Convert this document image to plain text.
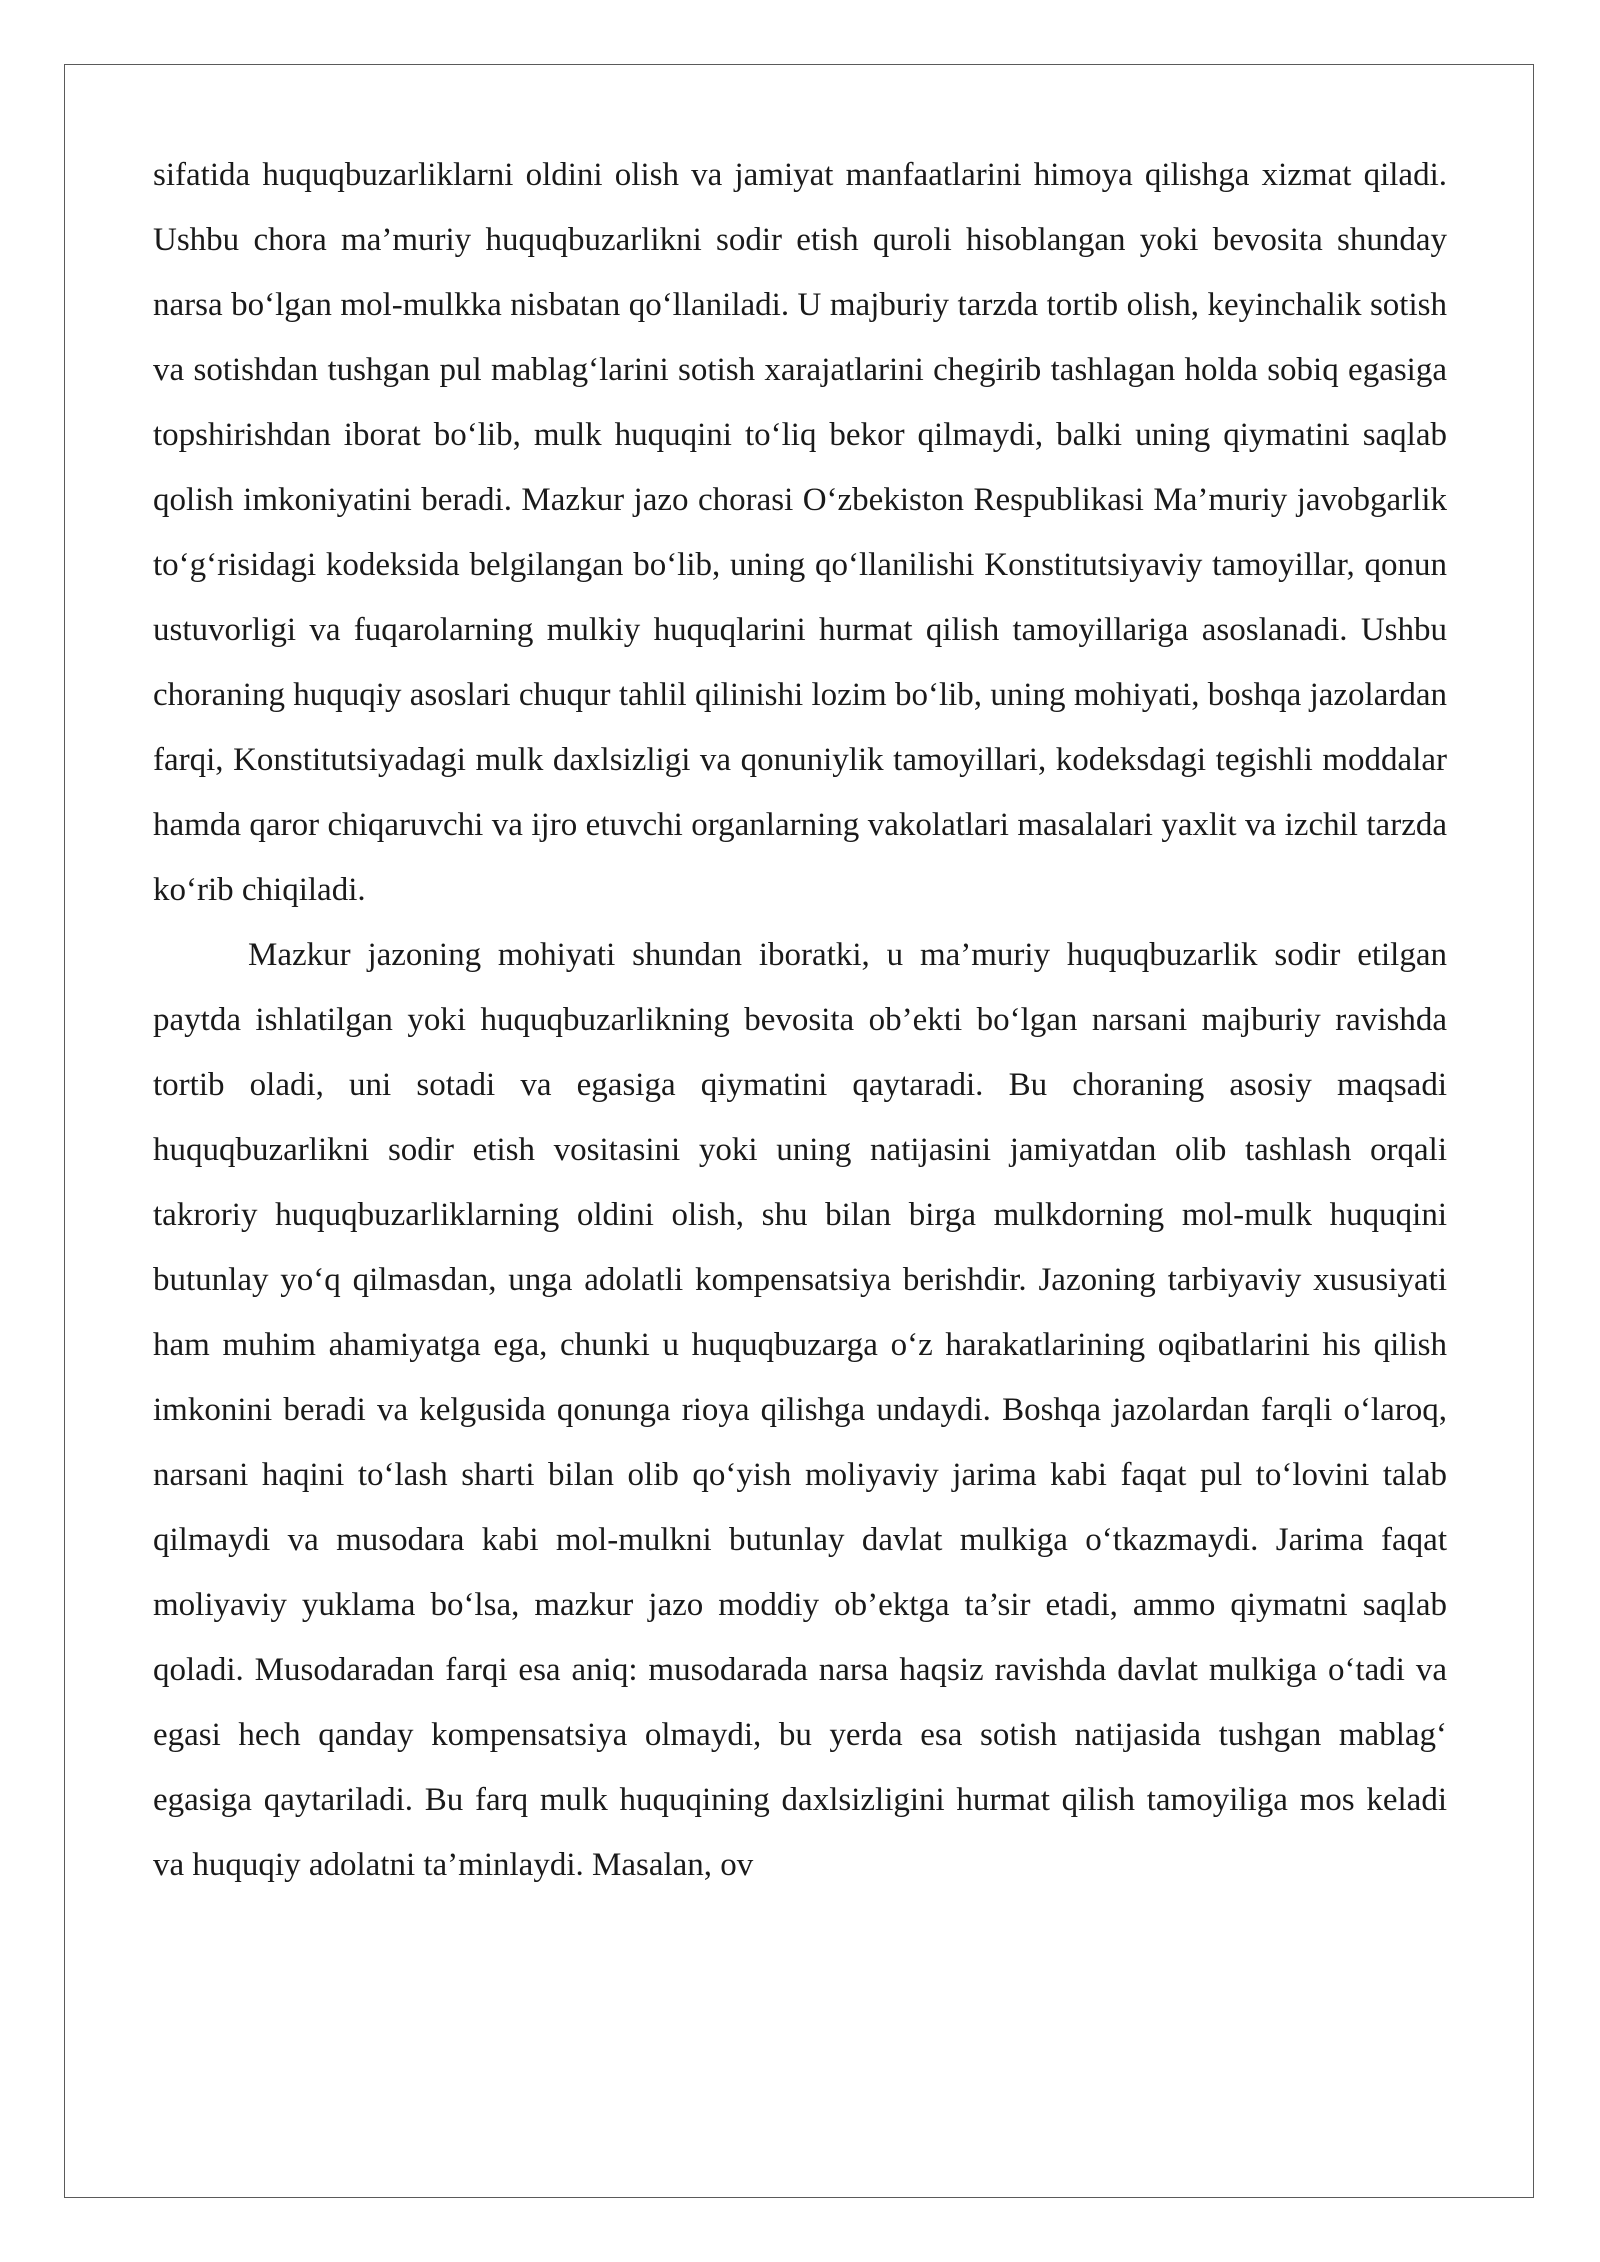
sifatida huquqbuzarliklarni oldini olish va jamiyat manfaatlarini himoya qilishga xizmat qiladi. Ushbu chora ma’muriy huquqbuzarlikni sodir etish quroli hisoblangan yoki bevosita shunday narsa bo‘lgan mol-mulkka nisbatan qo‘llaniladi. U majburiy tarzda tortib olish, keyinchalik sotish va sotishdan tushgan pul mablag‘larini sotish xarajatlarini chegirib tashlagan holda sobiq egasiga topshirishdan iborat bo‘lib, mulk huquqini to‘liq bekor qilmaydi, balki uning qiymatini saqlab qolish imkoniyatini beradi. Mazkur jazo chorasi O‘zbekiston Respublikasi Ma’muriy javobgarlik to‘g‘risidagi kodeksida belgilangan bo‘lib, uning qo‘llanilishi Konstitutsiyaviy tamoyillar, qonun ustuvorligi va fuqarolarning mulkiy huquqlarini hurmat qilish tamoyillariga asoslanadi. Ushbu choraning huquqiy asoslari chuqur tahlil qilinishi lozim bo‘lib, uning mohiyati, boshqa jazolardan farqi, Konstitutsiyadagi mulk daxlsizligi va qonuniylik tamoyillari, kodeksdagi tegishli moddalar hamda qaror chiqaruvchi va ijro etuvchi organlarning vakolatlari masalalari yaxlit va izchil tarzda ko‘rib chiqiladi.

Mazkur jazoning mohiyati shundan iboratki, u ma’muriy huquqbuzarlik sodir etilgan paytda ishlatilgan yoki huquqbuzarlikning bevosita ob’ekti bo‘lgan narsani majburiy ravishda tortib oladi, uni sotadi va egasiga qiymatini qaytaradi. Bu choraning asosiy maqsadi huquqbuzarlikni sodir etish vositasini yoki uning natijasini jamiyatdan olib tashlash orqali takroriy huquqbuzarliklarning oldini olish, shu bilan birga mulkdorning mol-mulk huquqini butunlay yo‘q qilmasdan, unga adolatli kompensatsiya berishdir. Jazoning tarbiyaviy xususiyati ham muhim ahamiyatga ega, chunki u huquqbuzarga o‘z harakatlarining oqibatlarini his qilish imkonini beradi va kelgusida qonunga rioya qilishga undaydi. Boshqa jazolardan farqli o‘laroq, narsani haqini to‘lash sharti bilan olib qo‘yish moliyaviy jarima kabi faqat pul to‘lovini talab qilmaydi va musodara kabi mol-mulkni butunlay davlat mulkiga o‘tkazmaydi. Jarima faqat moliyaviy yuklama bo‘lsa, mazkur jazo moddiy ob’ektga ta’sir etadi, ammo qiymatni saqlab qoladi. Musodaradan farqi esa aniq: musodarada narsa haqsiz ravishda davlat mulkiga o‘tadi va egasi hech qanday kompensatsiya olmaydi, bu yerda esa sotish natijasida tushgan mablag‘ egasiga qaytariladi. Bu farq mulk huquqining daxlsizligini hurmat qilish tamoyiliga mos keladi va huquqiy adolatni ta’minlaydi. Masalan, ov
